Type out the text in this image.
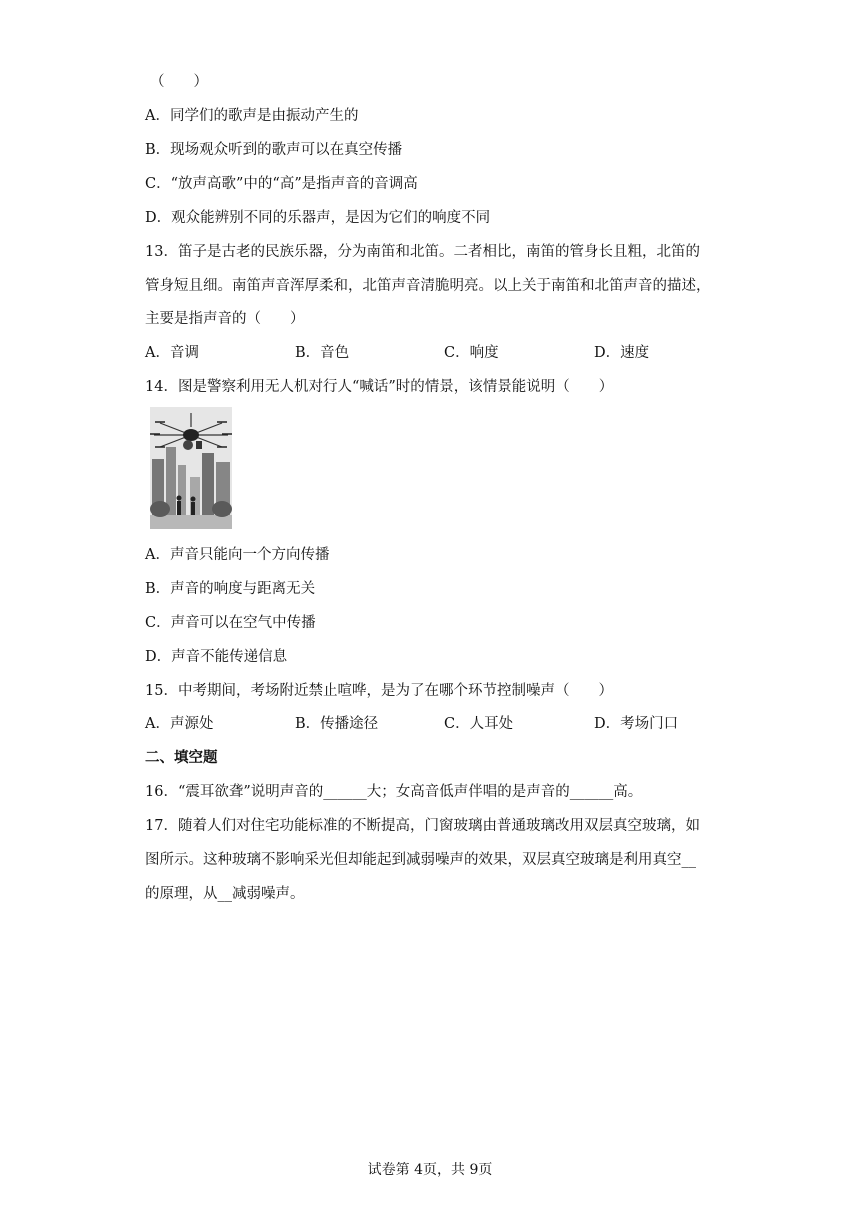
（　　）
A．同学们的歌声是由振动产生的
B．现场观众听到的歌声可以在真空传播
C．“放声高歌”中的“高”是指声音的音调高
D．观众能辨别不同的乐器声，是因为它们的响度不同
13．笛子是古老的民族乐器，分为南笛和北笛。二者相比，南笛的管身长且粗，北笛的
管身短且细。南笛声音浑厚柔和，北笛声音清脆明亮。以上关于南笛和北笛声音的描述，
主要是指声音的（　　）
A．音调	B．音色	C．响度	D．速度
14．图是警察利用无人机对行人“喊话”时的情景，该情景能说明（　　）
A．声音只能向一个方向传播
B．声音的响度与距离无关
C．声音可以在空气中传播
D．声音不能传递信息
15．中考期间，考场附近禁止喧哗，是为了在哪个环节控制噪声（　　）
A．声源处	B．传播途径	C．人耳处	D．考场门口
二、填空题
16．“震耳欲聋”说明声音的______大；女高音低声伴唱的是声音的______高。
17．随着人们对住宅功能标准的不断提高，门窗玻璃由普通玻璃改用双层真空玻璃，如
图所示。这种玻璃不影响采光但却能起到减弱噪声的效果，双层真空玻璃是利用真空__
的原理，从__减弱噪声。
试卷第 4页，共 9页
